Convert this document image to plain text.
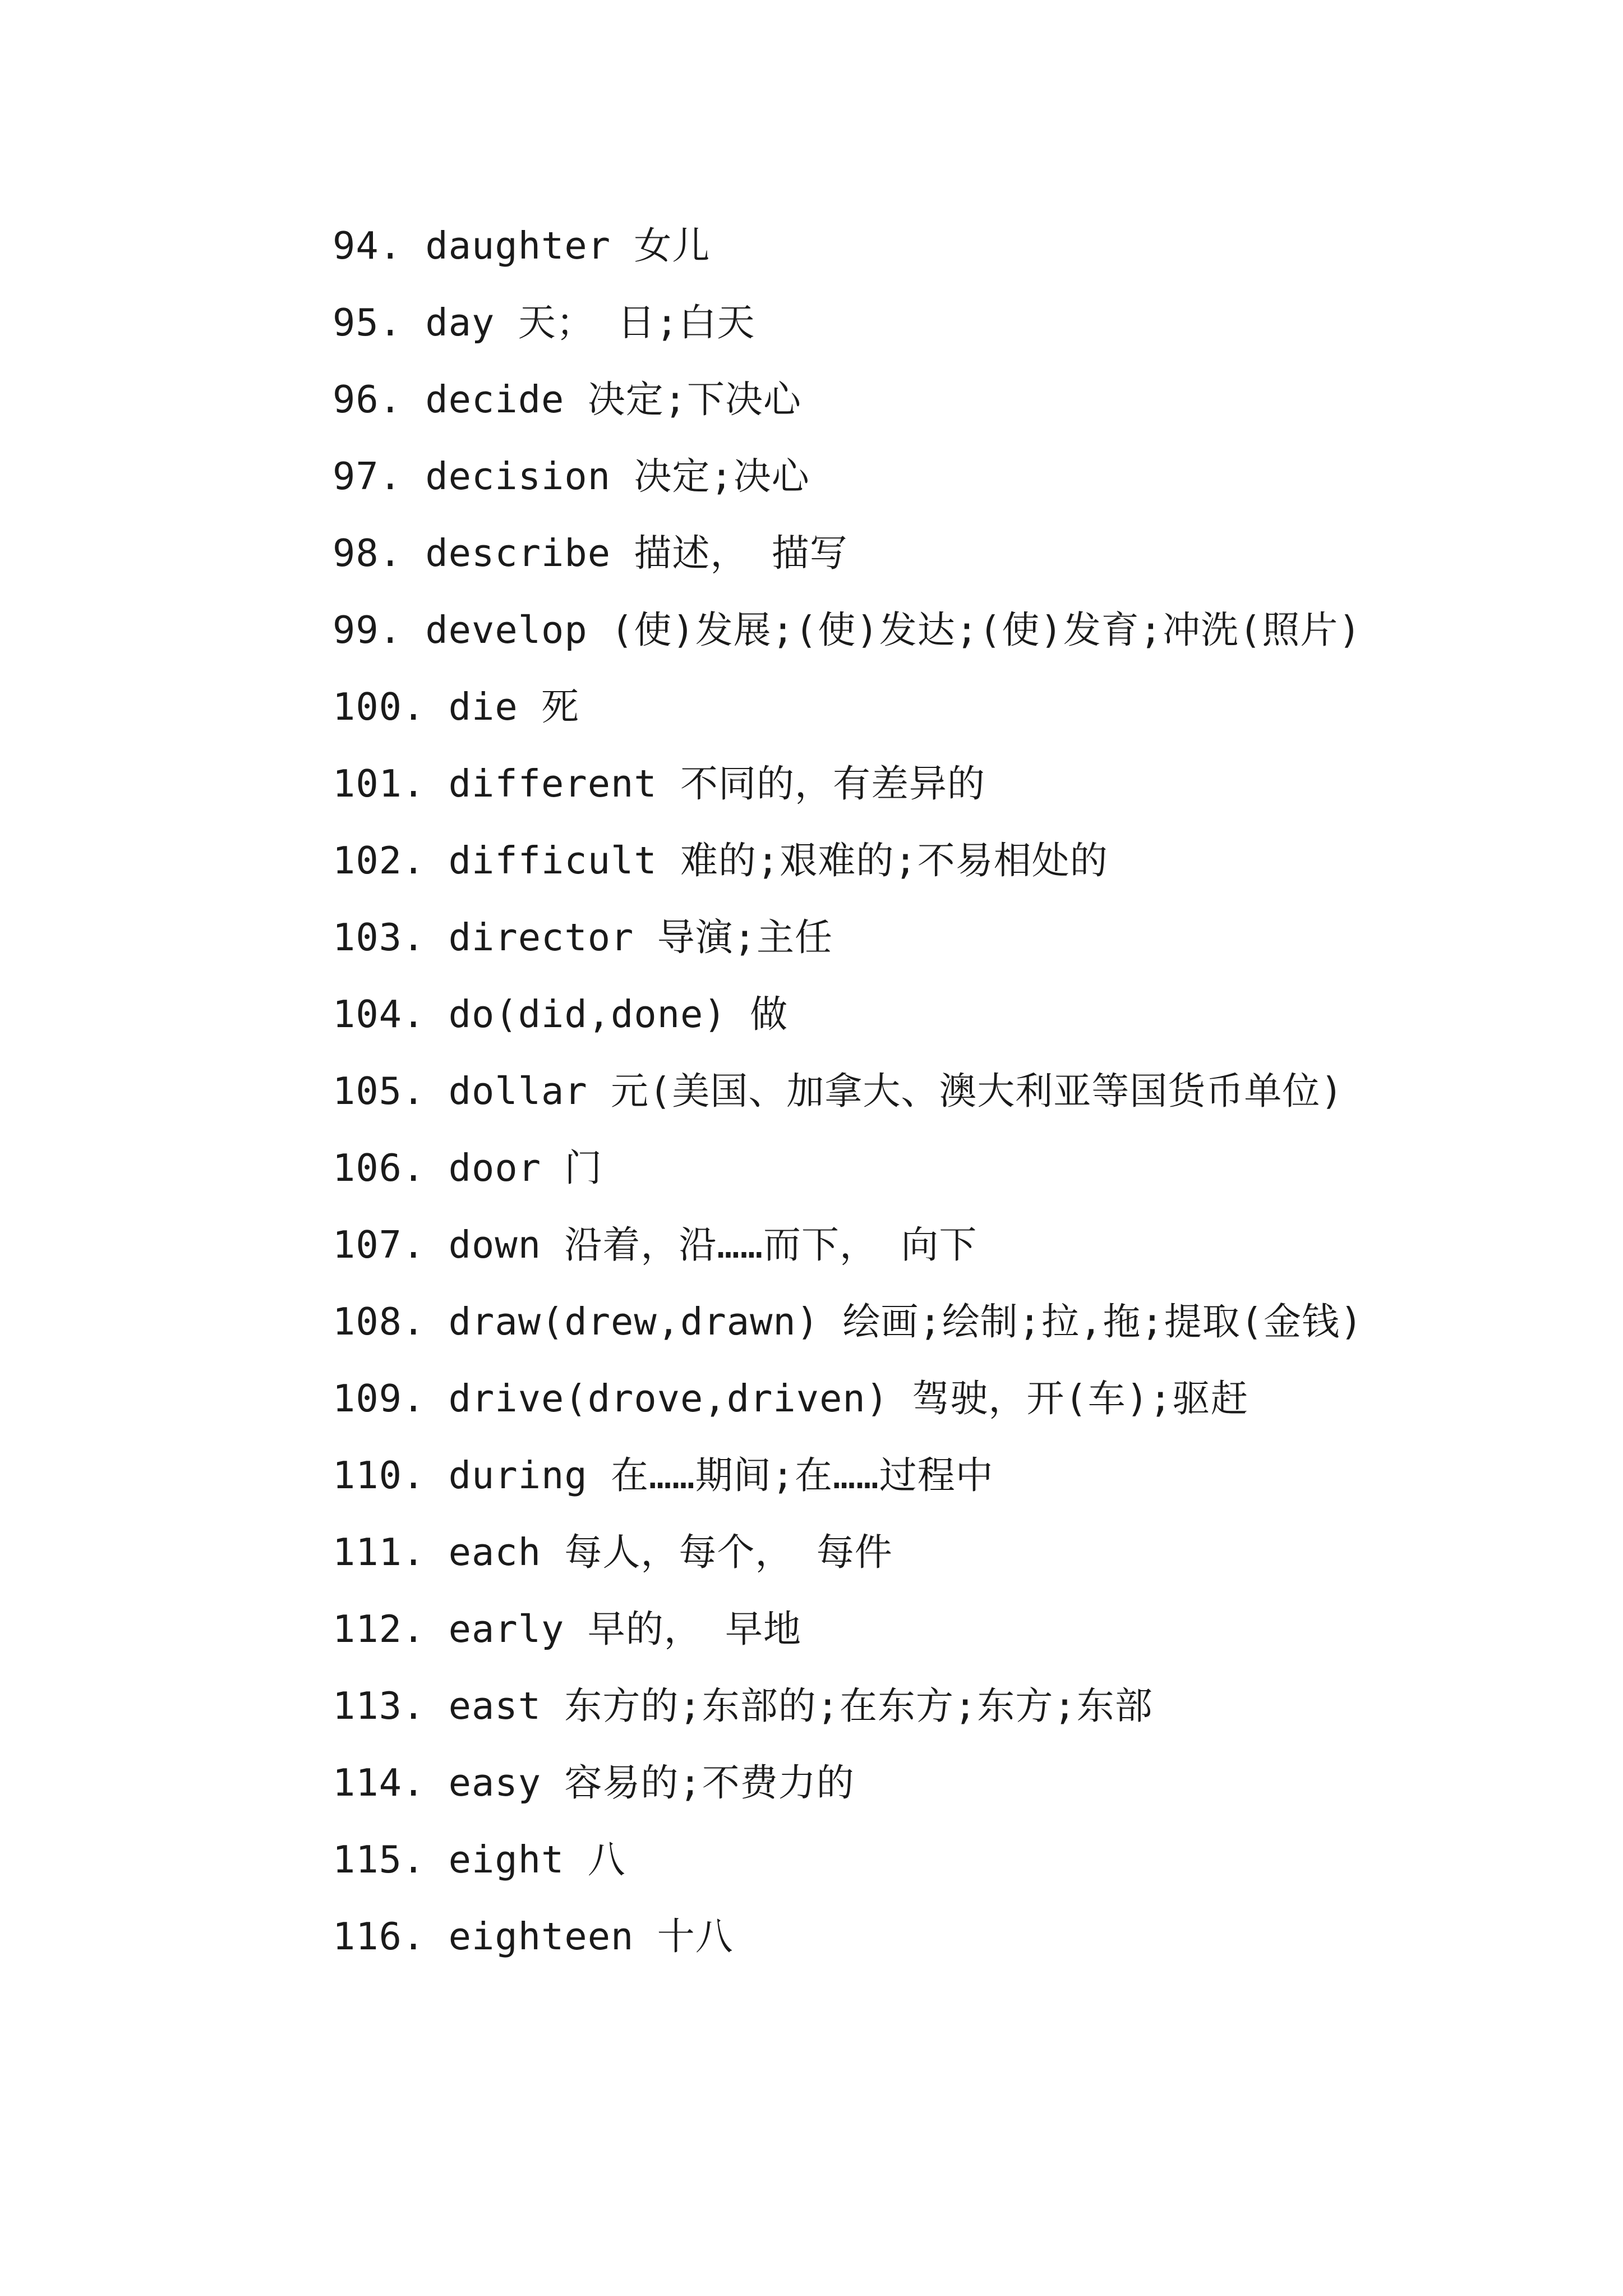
94. daughter 女儿
95. day 天； 日;白天
96. decide 决定;下决心
97. decision 决定;决心
98. describe 描述， 描写
99. develop (使)发展;(使)发达;(使)发育;冲洗(照片)
100. die 死
101. different 不同的，有差异的
102. difficult 难的;艰难的;不易相处的
103. director 导演;主任
104. do(did,done) 做
105. dollar 元(美国、加拿大、澳大利亚等国货币单位)
106. door 门
107. down 沿着，沿……而下， 向下
108. draw(drew,drawn) 绘画;绘制;拉,拖;提取(金钱)
109. drive(drove,driven) 驾驶，开(车);驱赶
110. during 在……期间;在……过程中
111. each 每人，每个， 每件
112. early 早的， 早地
113. east 东方的;东部的;在东方;东方;东部
114. easy 容易的;不费力的
115. eight 八
116. eighteen 十八
